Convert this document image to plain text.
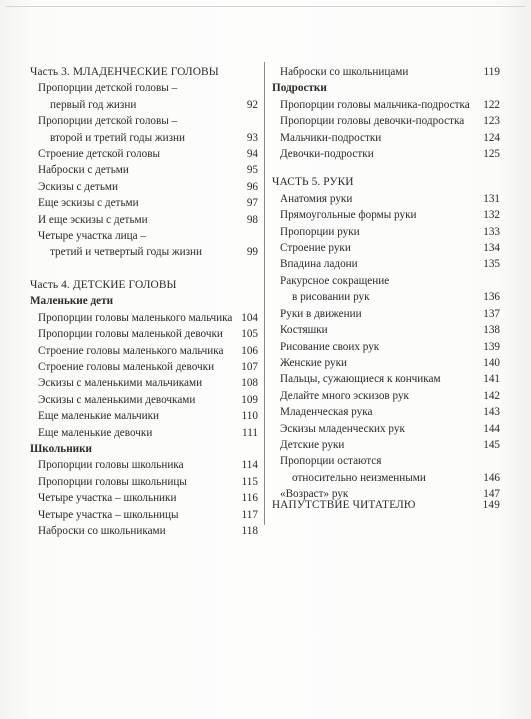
Часть 3. МЛАДЕНЧЕСКИЕ ГОЛОВЫ
Пропорции детской головы –
первый год жизни	92
Пропорции детской головы –
второй и третий годы жизни	93
Строение детской головы	94
Наброски с детьми	95
Эскизы с детьми	96
Еще эскизы с детьми	97
И еще эскизы с детьми	98
Четыре участка лица –
третий и четвертый годы жизни	99
Часть 4. ДЕТСКИЕ ГОЛОВЫ
Маленькие дети
Пропорции головы маленького мальчика 104
Пропорции головы маленькой девочки	105
Строение головы маленького мальчика	106
Строение головы маленькой девочки	107
Эскизы с маленькими мальчиками	108
Эскизы с маленькими девочками	109
Еще маленькие мальчики	110
Еще маленькие девочки	111
Школьники
Пропорции головы школьника	114
Пропорции головы школьницы	115
Четыре участка – школьники	116
Четыре участка – школьницы	117
Наброски со школьниками	118
Наброски со школьницами	119
Подростки
Пропорции головы мальчика-подростка	122
Пропорции головы девочки-подростка	123
Мальчики-подростки	124
Девочки-подростки	125
ЧАСТЬ 5. РУКИ
Анатомия руки	131
Прямоугольные формы руки	132
Пропорции руки	133
Строение руки	134
Впадина ладони	135
Ракурсное сокращение
в рисовании рук	136
Руки в движении	137
Костяшки	138
Рисование своих рук	139
Женские руки	140
Пальцы, сужающиеся к кончикам	141
Делайте много эскизов рук	142
Младенческая рука	143
Эскизы младенческих рук	144
Детские руки	145
Пропорции остаются
относительно неизменными	146
«Возраст» рук	147
НАПУТСТВИЕ ЧИТАТЕЛЮ	149
